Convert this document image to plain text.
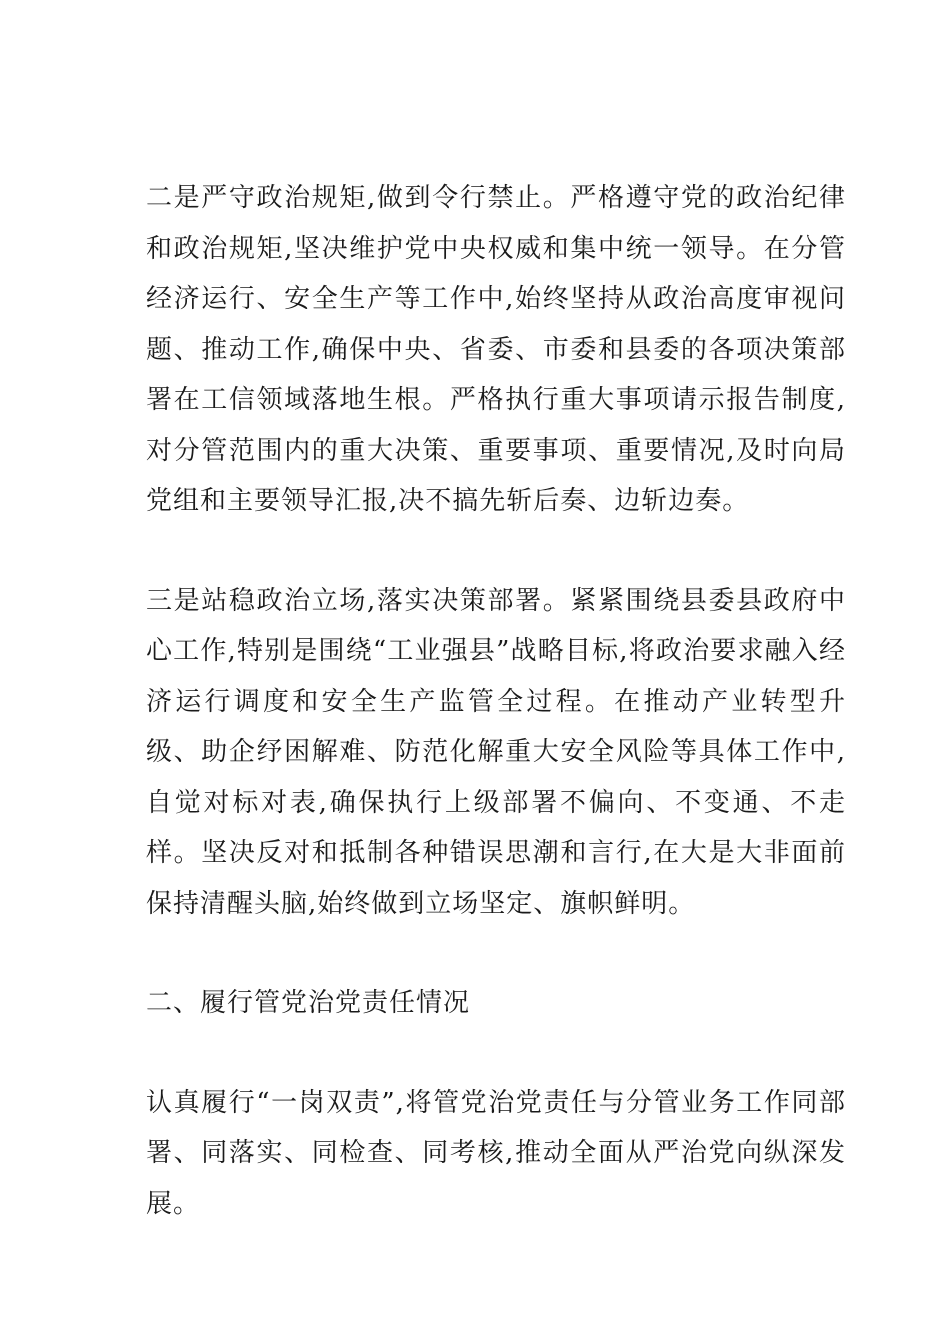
二是严守政治规矩,做到令行禁止。严格遵守党的政治纪律和政治规矩,坚决维护党中央权威和集中统一领导。在分管经济运行、安全生产等工作中,始终坚持从政治高度审视问题、推动工作,确保中央、省委、市委和县委的各项决策部署在工信领域落地生根。严格执行重大事项请示报告制度,对分管范围内的重大决策、重要事项、重要情况,及时向局党组和主要领导汇报,决不搞先斩后奏、边斩边奏。

三是站稳政治立场,落实决策部署。紧紧围绕县委县政府中心工作,特别是围绕“工业强县”战略目标,将政治要求融入经济运行调度和安全生产监管全过程。在推动产业转型升级、助企纾困解难、防范化解重大安全风险等具体工作中,自觉对标对表,确保执行上级部署不偏向、不变通、不走样。坚决反对和抵制各种错误思潮和言行,在大是大非面前保持清醒头脑,始终做到立场坚定、旗帜鲜明。

二、履行管党治党责任情况

认真履行“一岗双责”,将管党治党责任与分管业务工作同部署、同落实、同检查、同考核,推动全面从严治党向纵深发展。
